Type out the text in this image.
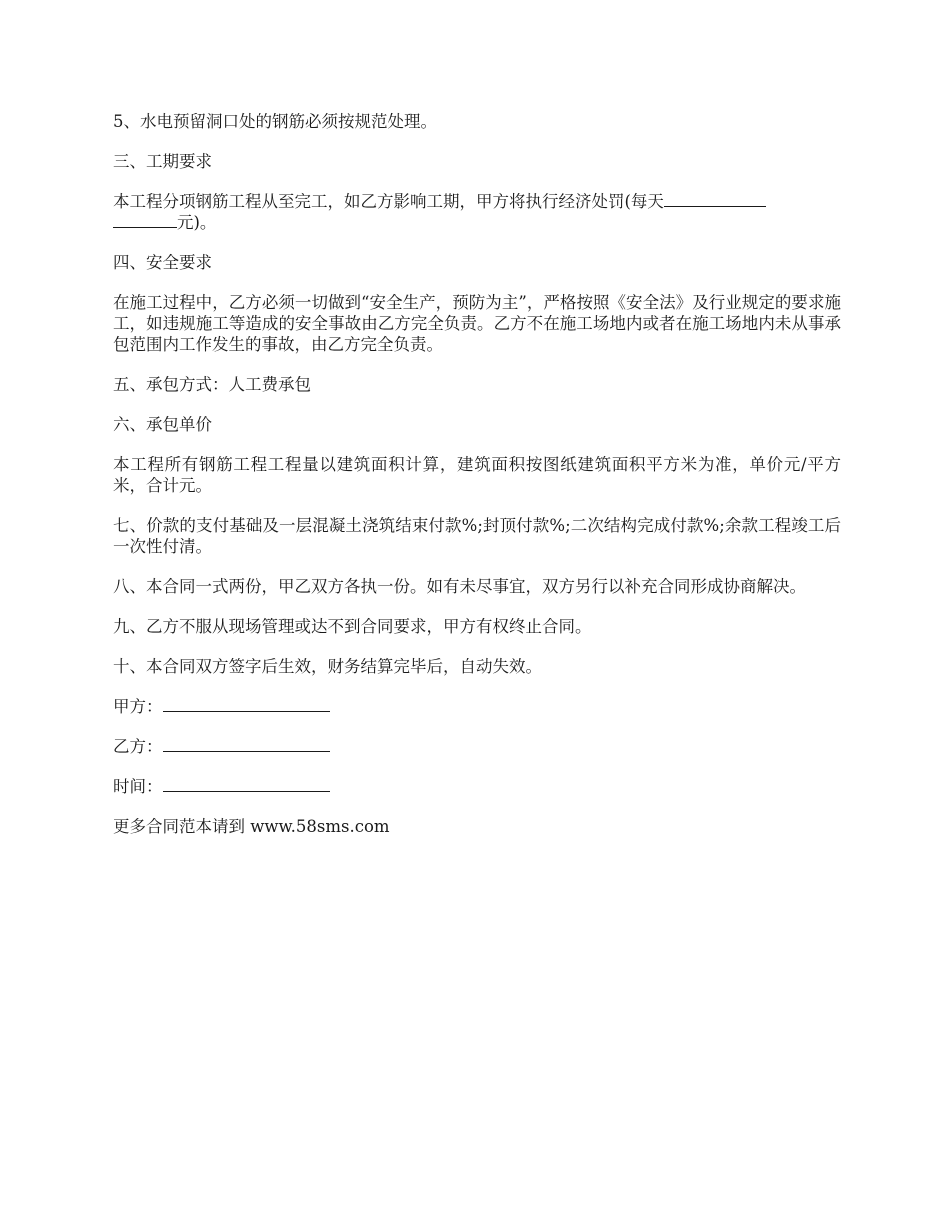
5、水电预留洞口处的钢筋必须按规范处理。

三、工期要求

本工程分项钢筋工程从至完工，如乙方影响工期，甲方将执行经济处罚(每天
元)。

四、安全要求

在施工过程中，乙方必须一切做到“安全生产，预防为主”，严格按照《安全法》及行业规定的要求施工，如违规施工等造成的安全事故由乙方完全负责。乙方不在施工场地内或者在施工场地内未从事承包范围内工作发生的事故，由乙方完全负责。

五、承包方式：人工费承包

六、承包单价

本工程所有钢筋工程工程量以建筑面积计算，建筑面积按图纸建筑面积平方米为准，单价元/平方米，合计元。

七、价款的支付基础及一层混凝土浇筑结束付款%;封顶付款%;二次结构完成付款%;余款工程竣工后一次性付清。

八、本合同一式两份，甲乙双方各执一份。如有未尽事宜，双方另行以补充合同形成协商解决。

九、乙方不服从现场管理或达不到合同要求，甲方有权终止合同。

十、本合同双方签字后生效，财务结算完毕后，自动失效。

甲方：

乙方：

时间：

更多合同范本请到 www.58sms.com
